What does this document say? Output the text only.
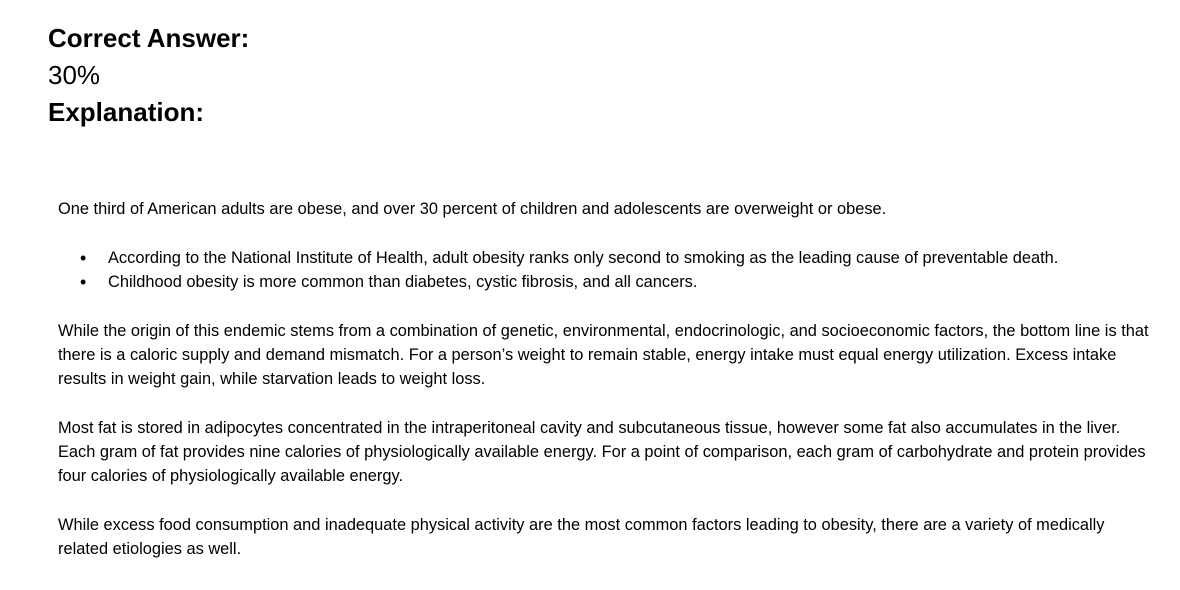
Correct Answer:
30%
Explanation:

One third of American adults are obese, and over 30 percent of children and adolescents are overweight or obese.

• According to the National Institute of Health, adult obesity ranks only second to smoking as the leading cause of preventable death.
• Childhood obesity is more common than diabetes, cystic fibrosis, and all cancers.

While the origin of this endemic stems from a combination of genetic, environmental, endocrinologic, and socioeconomic factors, the bottom line is that there is a caloric supply and demand mismatch. For a person’s weight to remain stable, energy intake must equal energy utilization. Excess intake results in weight gain, while starvation leads to weight loss.

Most fat is stored in adipocytes concentrated in the intraperitoneal cavity and subcutaneous tissue, however some fat also accumulates in the liver. Each gram of fat provides nine calories of physiologically available energy. For a point of comparison, each gram of carbohydrate and protein provides four calories of physiologically available energy.

While excess food consumption and inadequate physical activity are the most common factors leading to obesity, there are a variety of medically related etiologies as well.
